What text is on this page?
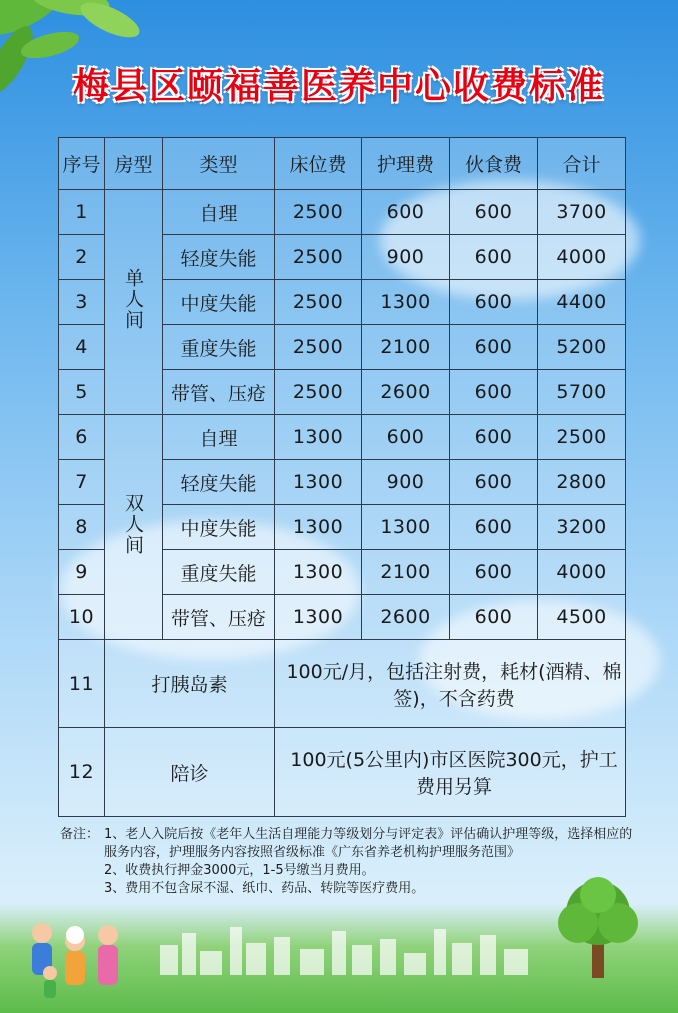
梅县区颐福善医养中心收费标准
序号	房型	类型	床位费	护理费	伙食费	合计
1	单人间	自理	2500	600	600	3700
2		轻度失能	2500	900	600	4000
3		中度失能	2500	1300	600	4400
4		重度失能	2500	2100	600	5200
5		带管、压疮	2500	2600	600	5700
6	双人间	自理	1300	600	600	2500
7		轻度失能	1300	900	600	2800
8		中度失能	1300	1300	600	3200
9		重度失能	1300	2100	600	4000
10		带管、压疮	1300	2600	600	4500
11	打胰岛素		100元/月，包括注射费，耗材(酒精、棉签)，不含药费			
12	陪诊		100元(5公里内)市区医院300元，护工费用另算			
备注： 1、老人入院后按《老年人生活自理能力等级划分与评定表》评估确认护理等级，选择相应的服务内容，护理服务内容按照省级标准《广东省养老机构护理服务范围》
2、收费执行押金3000元，1-5号缴当月费用。
3、费用不包含尿不湿、纸巾、药品、转院等医疗费用。
